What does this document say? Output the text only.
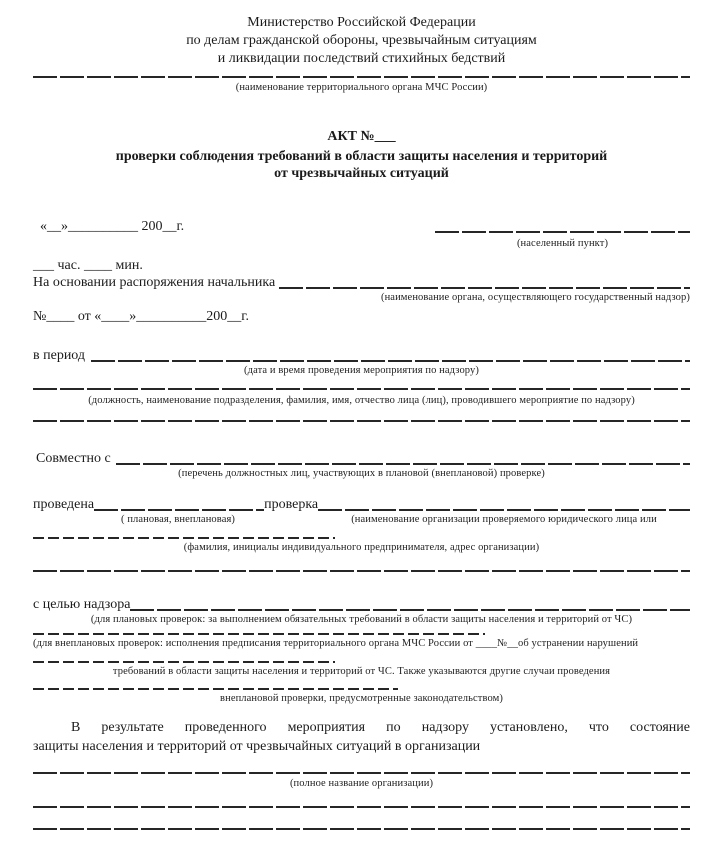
Министерство Российской Федерации
по делам гражданской обороны, чрезвычайным ситуациям
и ликвидации последствий стихийных бедствий
(наименование территориального органа МЧС России)
АКТ №___
проверки соблюдения требований в области защиты населения и территорий
от чрезвычайных ситуаций
«__»__________ 200__г.
(населенный пункт)
___ час. ____ мин.
На основании распоряжения начальника
(наименование органа, осуществляющего государственный надзор)
№____ от «____»__________200__г.
в период
(дата и время проведения мероприятия по надзору)
(должность, наименование подразделения, фамилия, имя, отчество лица (лиц), проводившего мероприятие по надзору)
Совместно с
(перечень должностных лиц, участвующих в плановой (внеплановой) проверке)
проведена	проверка
( плановая, внеплановая)	(наименование организации проверяемого юридического лица или
(фамилия, инициалы индивидуального предпринимателя, адрес организации)
с целью надзора
(для плановых проверок: за выполнением обязательных требований в области защиты населения и территорий от ЧС)
(для внеплановых проверок: исполнения предписания территориального органа МЧС России от ____№__об устранении нарушений
требований в области защиты населения и территорий от ЧС. Также указываются другие случаи проведения
внеплановой проверки, предусмотренные законодательством)

В результате проведенного мероприятия по надзору установлено, что состояние

защиты населения и территорий от чрезвычайных ситуаций в организации

(полное название организации)
